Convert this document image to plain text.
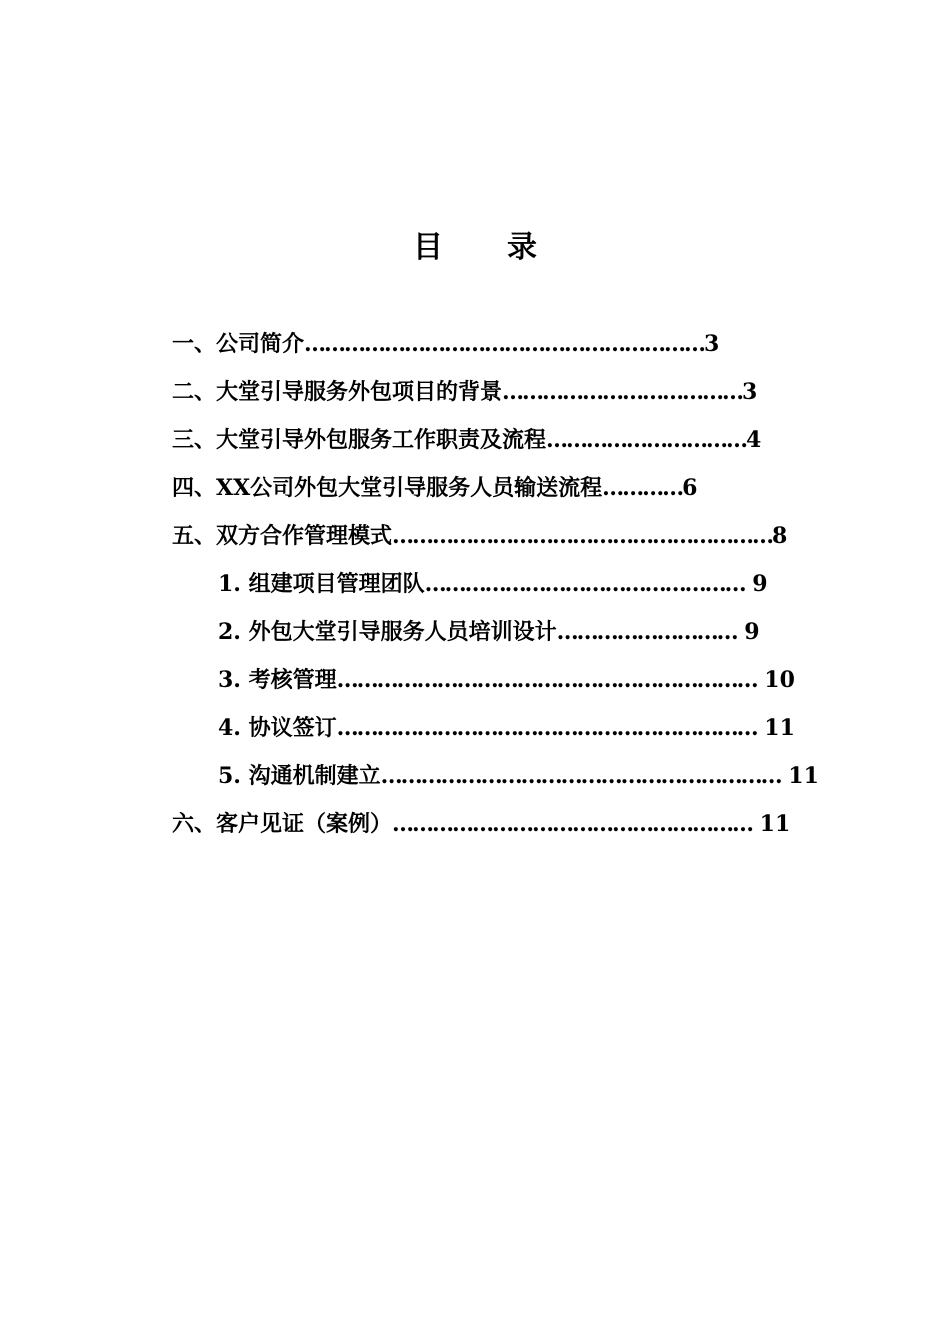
目 录
一、公司简介……………………………………………………3
二、大堂引导服务外包项目的背景………………………………3
三、大堂引导外包服务工作职责及流程…………………………4
四、XX公司外包大堂引导服务人员输送流程…………6
五、双方合作管理模式…………………………………………………8
1. 组建项目管理团队………………………………………… 9
2. 外包大堂引导服务人员培训设计……………………… 9
3. 考核管理……………………………………………………… 10
4. 协议签订……………………………………………………… 11
5. 沟通机制建立…………………………………………………… 11
六、客户见证（案例）……………………………………………… 11
